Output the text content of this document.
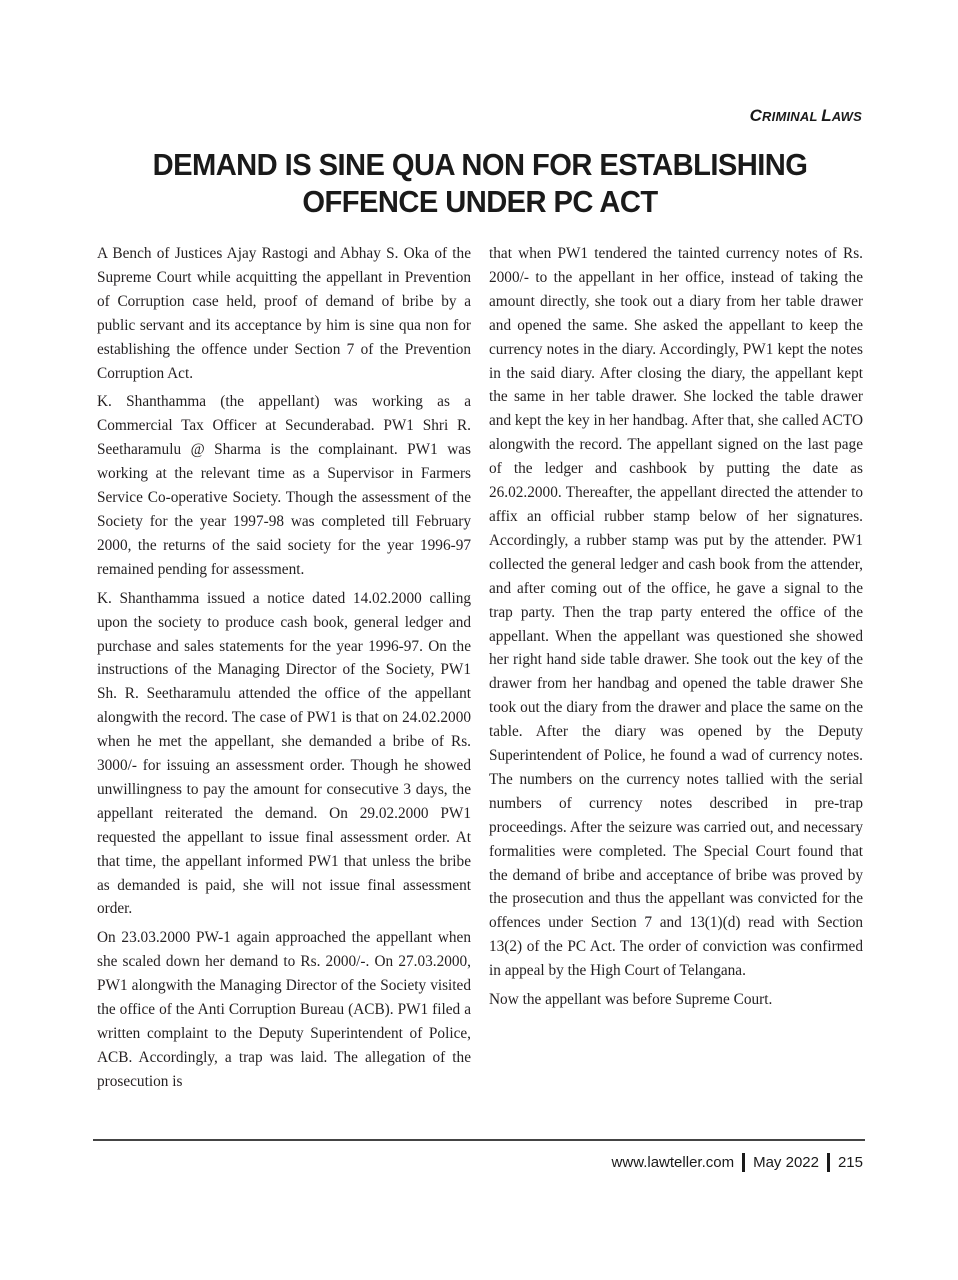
CRIMINAL LAWS
DEMAND IS SINE QUA NON FOR ESTABLISHING
OFFENCE UNDER PC ACT

A Bench of Justices Ajay Rastogi and Abhay S. Oka of the Supreme Court while acquitting the appellant in Prevention of Corruption case held, proof of demand of bribe by a public servant and its acceptance by him is sine qua non for establishing the offence under Section 7 of the Prevention Corruption Act.

K. Shanthamma (the appellant) was working as a Commercial Tax Officer at Secunderabad. PW1 Shri R. Seetharamulu @ Sharma is the complainant. PW1 was working at the relevant time as a Supervisor in Farmers Service Co-operative Society. Though the assessment of the Society for the year 1997-98 was completed till February 2000, the returns of the said society for the year 1996-97 remained pending for assessment.

K. Shanthamma issued a notice dated 14.02.2000 calling upon the society to produce cash book, general ledger and purchase and sales statements for the year 1996-97. On the instructions of the Managing Director of the Society, PW1 Sh. R. Seetharamulu attended the office of the appellant alongwith the record. The case of PW1 is that on 24.02.2000 when he met the appellant, she demanded a bribe of Rs. 3000/- for issuing an assessment order. Though he showed unwillingness to pay the amount for consecutive 3 days, the appellant reiterated the demand. On 29.02.2000 PW1 requested the appellant to issue final assessment order. At that time, the appellant informed PW1 that unless the bribe as demanded is paid, she will not issue final assessment order.

On 23.03.2000 PW-1 again approached the appellant when she scaled down her demand to Rs. 2000/-. On 27.03.2000, PW1 alongwith the Managing Director of the Society visited the office of the Anti Corruption Bureau (ACB). PW1 filed a written complaint to the Deputy Superintendent of Police, ACB. Accordingly, a trap was laid. The allegation of the prosecution is

that when PW1 tendered the tainted currency notes of Rs. 2000/- to the appellant in her office, instead of taking the amount directly, she took out a diary from her table drawer and opened the same. She asked the appellant to keep the currency notes in the diary. Accordingly, PW1 kept the notes in the said diary. After closing the diary, the appellant kept the same in her table drawer. She locked the table drawer and kept the key in her handbag. After that, she called ACTO alongwith the record. The appellant signed on the last page of the ledger and cashbook by putting the date as 26.02.2000. Thereafter, the appellant directed the attender to affix an official rubber stamp below of her signatures. Accordingly, a rubber stamp was put by the attender. PW1 collected the general ledger and cash book from the attender, and after coming out of the office, he gave a signal to the trap party. Then the trap party entered the office of the appellant. When the appellant was questioned she showed her right hand side table drawer. She took out the key of the drawer from her handbag and opened the table drawer She took out the diary from the drawer and place the same on the table. After the diary was opened by the Deputy Superintendent of Police, he found a wad of currency notes. The numbers on the currency notes tallied with the serial numbers of currency notes described in pre-trap proceedings. After the seizure was carried out, and necessary formalities were completed. The Special Court found that the demand of bribe and acceptance of bribe was proved by the prosecution and thus the appellant was convicted for the offences under Section 7 and 13(1)(d) read with Section 13(2) of the PC Act. The order of conviction was confirmed in appeal by the High Court of Telangana.

Now the appellant was before Supreme Court.

www.lawteller.com May 2022 215
